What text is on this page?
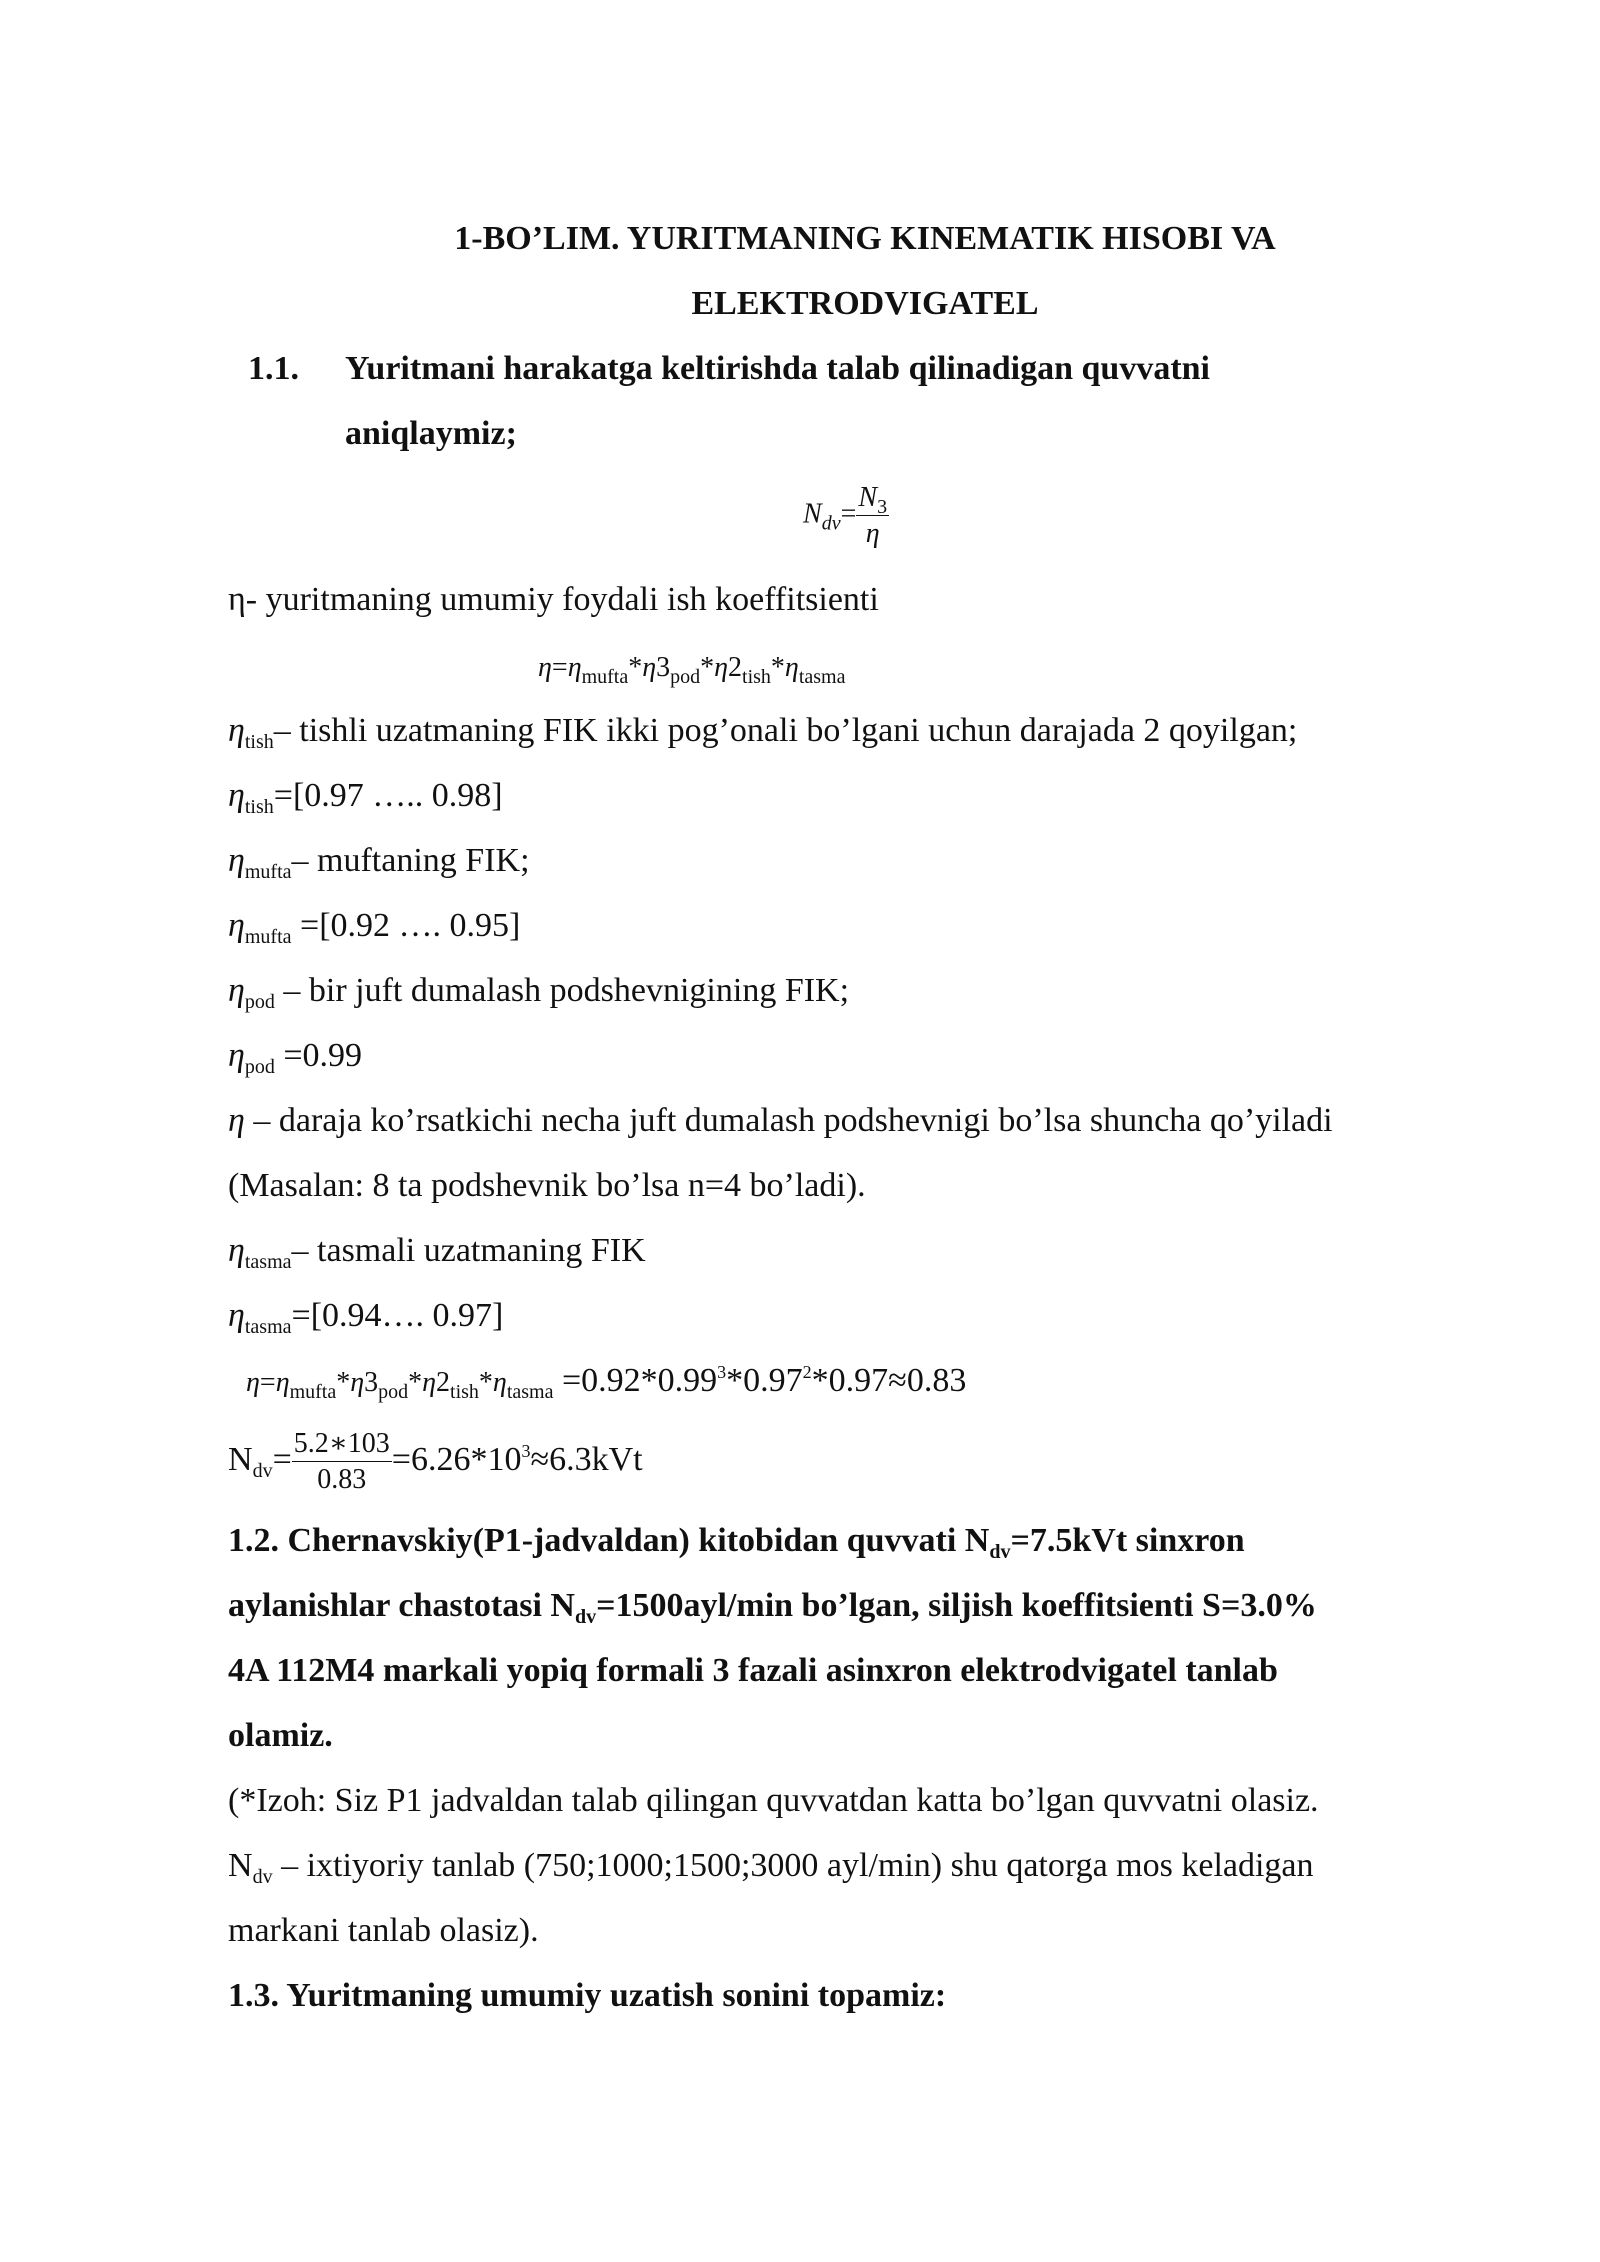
1-BO’LIM. YURITMANING KINEMATIK HISOBI VA
ELEKTRODVIGATEL
1.1. Yuritmani harakatga keltirishda talab qilinadigan quvvatni
aniqlaymiz;
$N_{dv}= \frac{N_3}{\eta}$
η- yuritmaning umumiy foydali ish koeffitsienti
$\eta=\eta_{mufta}*\eta 3_{pod}*\eta 2_{tish}*\eta_{tasma}$
$\eta_{tish}-$ tishli uzatmaning FIK ikki pog’onali bo’lgani uchun darajada 2 qoyilgan;
$\eta_{tish}=[0.97$ ….. 0.98]
$\eta_{mufta}-$ muftaning FIK;
$\eta_{mufta} =[0.92$ …. 0.95]
$\eta_{pod}$ – bir juft dumalash podshevnigining FIK;
$\eta_{pod} =0.99$
η – daraja ko’rsatkichi necha juft dumalash podshevnigi bo’lsa shuncha qo’yiladi
(Masalan: 8 ta podshevnik bo’lsa n=4 bo’ladi).
$\eta_{tasma}-$ tasmali uzatmaning FIK
$\eta_{tasma}=[0.94\dots$. 0.97]
$\eta=\eta_{mufta}*\eta 3_{pod}*\eta 2_{tish}*\eta_{tasma} =0.92*0.99^3*0.97^2*0.97\approx 0.83$
$N_{dv}= \frac{5.2∗103}{0.83} =6.26*10^3\approx 6.3kVt$
1.2. Chernavskiy(P1-jadvaldan) kitobidan quvvati $N_{dv}=7.5kVt$ sinxron
aylanishlar chastotasi $N_{dv}=1500ayl/\min$ bo’lgan, siljish koeffitsienti S=3.0%
4A 112M4 markali yopiq formali 3 fazali asinxron elektrodvigatel tanlab
olamiz.
(*Izoh: Siz P1 jadvaldan talab qilingan quvvatdan katta bo’lgan quvvatni olasiz.
$N_{dv}$ – ixtiyoriy tanlab (750;1000;1500;3000 ayl/min) shu qatorga mos keladigan
markani tanlab olasiz).
1.3. Yuritmaning umumiy uzatish sonini topamiz:
